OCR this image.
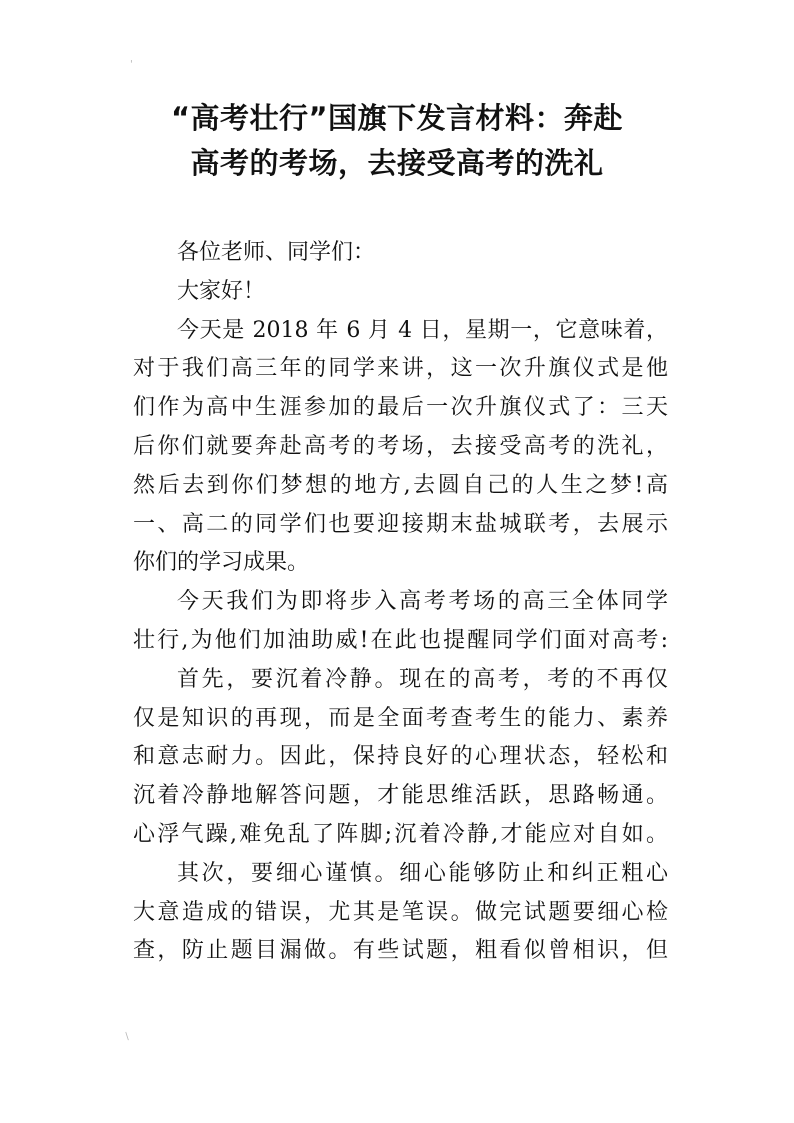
'
“高考壮行”国旗下发言材料：奔赴
高考的考场，去接受高考的洗礼

各位老师、同学们：

大家好！

今天是 2018 年 6 月 4 日，星期一，它意味着，
对于我们高三年的同学来讲，这一次升旗仪式是他
们作为高中生涯参加的最后一次升旗仪式了：三天
后你们就要奔赴高考的考场，去接受高考的洗礼，
然后去到你们梦想的地方,去圆自己的人生之梦!高
一、高二的同学们也要迎接期末盐城联考，去展示
你们的学习成果。

今天我们为即将步入高考考场的高三全体同学
壮行,为他们加油助威!在此也提醒同学们面对高考:

首先，要沉着冷静。现在的高考，考的不再仅
仅是知识的再现，而是全面考查考生的能力、素养
和意志耐力。因此，保持良好的心理状态，轻松和
沉着冷静地解答问题，才能思维活跃，思路畅通。
心浮气躁,难免乱了阵脚;沉着冷静,才能应对自如。

其次，要细心谨慎。细心能够防止和纠正粗心
大意造成的错误，尤其是笔误。做完试题要细心检
查，防止题目漏做。有些试题，粗看似曾相识，但

/
